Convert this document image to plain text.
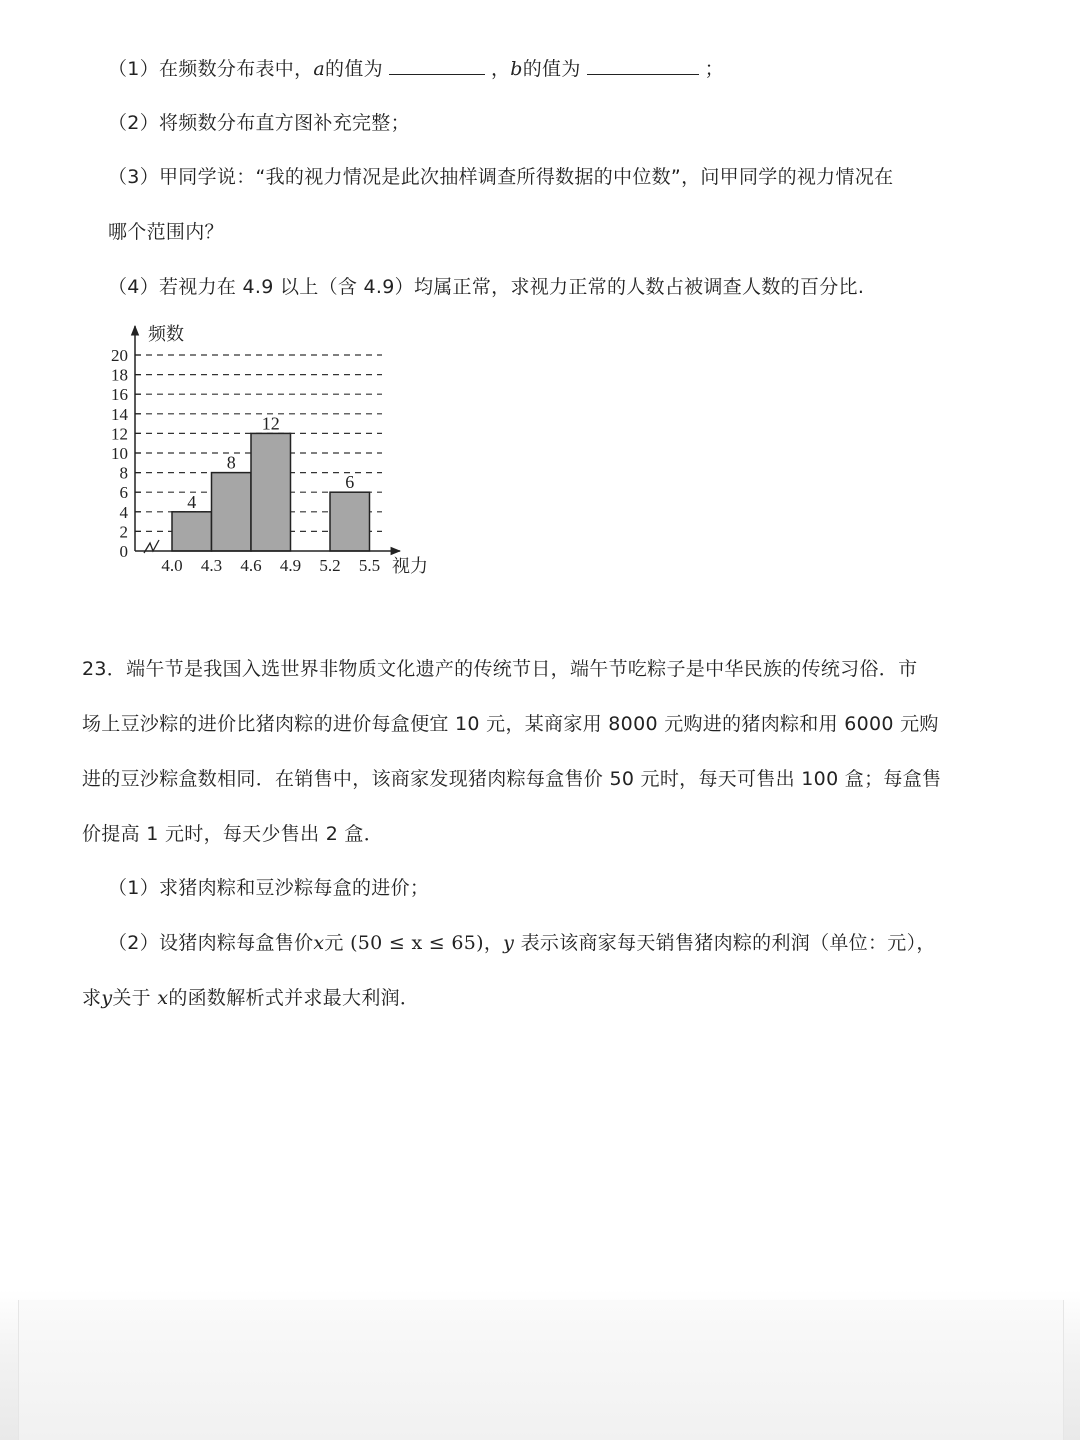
（1）在频数分布表中，a的值为	，b的值为	；
（2）将频数分布直方图补充完整；
（3）甲同学说：“我的视力情况是此次抽样调查所得数据的中位数”，问甲同学的视力情况在
哪个范围内？
（4）若视力在 4.9 以上（含 4.9）均属正常，求视力正常的人数占被调查人数的百分比.
频数
视力
0
2
4
6
8
10
12
14
16
18
20
4.0 4.3 4.6 4.9 5.2 5.5
4
8
12
6
23．端午节是我国入选世界非物质文化遗产的传统节日，端午节吃粽子是中华民族的传统习俗．市
场上豆沙粽的进价比猪肉粽的进价每盒便宜 10 元，某商家用 8000 元购进的猪肉粽和用 6000 元购
进的豆沙粽盒数相同．在销售中，该商家发现猪肉粽每盒售价 50 元时，每天可售出 100 盒；每盒售
价提高 1 元时，每天少售出 2 盒．
（1）求猪肉粽和豆沙粽每盒的进价；
（2）设猪肉粽每盒售价x元 (50 ≤ x ≤ 65)，y 表示该商家每天销售猪肉粽的利润（单位：元），
求y关于 x的函数解析式并求最大利润．
